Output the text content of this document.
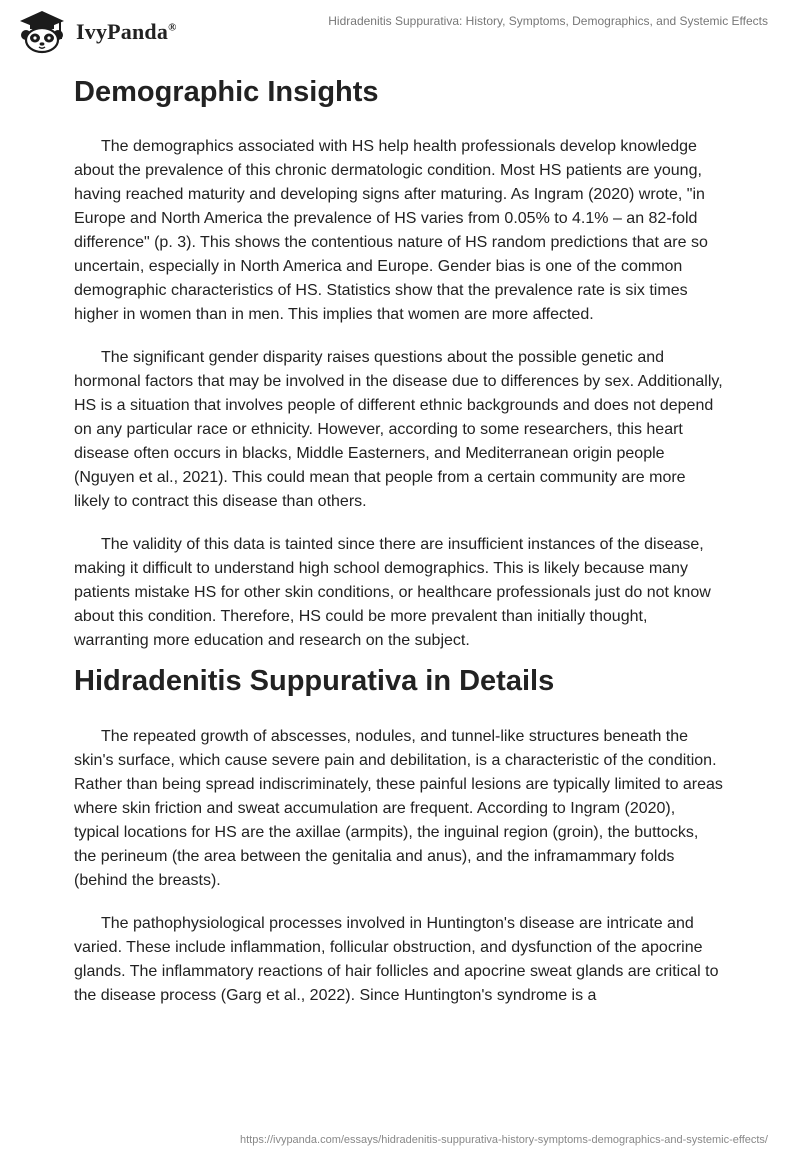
IvyPanda®	Hidradenitis Suppurativa: History, Symptoms, Demographics, and Systemic Effects
Demographic Insights

The demographics associated with HS help health professionals develop knowledge about the prevalence of this chronic dermatologic condition. Most HS patients are young, having reached maturity and developing signs after maturing. As Ingram (2020) wrote, "in Europe and North America the prevalence of HS varies from 0.05% to 4.1% – an 82-fold difference" (p. 3). This shows the contentious nature of HS random predictions that are so uncertain, especially in North America and Europe. Gender bias is one of the common demographic characteristics of HS. Statistics show that the prevalence rate is six times higher in women than in men. This implies that women are more affected.

The significant gender disparity raises questions about the possible genetic and hormonal factors that may be involved in the disease due to differences by sex. Additionally, HS is a situation that involves people of different ethnic backgrounds and does not depend on any particular race or ethnicity. However, according to some researchers, this heart disease often occurs in blacks, Middle Easterners, and Mediterranean origin people (Nguyen et al., 2021). This could mean that people from a certain community are more likely to contract this disease than others.

The validity of this data is tainted since there are insufficient instances of the disease, making it difficult to understand high school demographics. This is likely because many patients mistake HS for other skin conditions, or healthcare professionals just do not know about this condition. Therefore, HS could be more prevalent than initially thought, warranting more education and research on the subject.

Hidradenitis Suppurativa in Details

The repeated growth of abscesses, nodules, and tunnel-like structures beneath the skin's surface, which cause severe pain and debilitation, is a characteristic of the condition. Rather than being spread indiscriminately, these painful lesions are typically limited to areas where skin friction and sweat accumulation are frequent. According to Ingram (2020), typical locations for HS are the axillae (armpits), the inguinal region (groin), the buttocks, the perineum (the area between the genitalia and anus), and the inframammary folds (behind the breasts).

The pathophysiological processes involved in Huntington's disease are intricate and varied. These include inflammation, follicular obstruction, and dysfunction of the apocrine glands. The inflammatory reactions of hair follicles and apocrine sweat glands are critical to the disease process (Garg et al., 2022). Since Huntington's syndrome is a

https://ivypanda.com/essays/hidradenitis-suppurativa-history-symptoms-demographics-and-systemic-effects/
